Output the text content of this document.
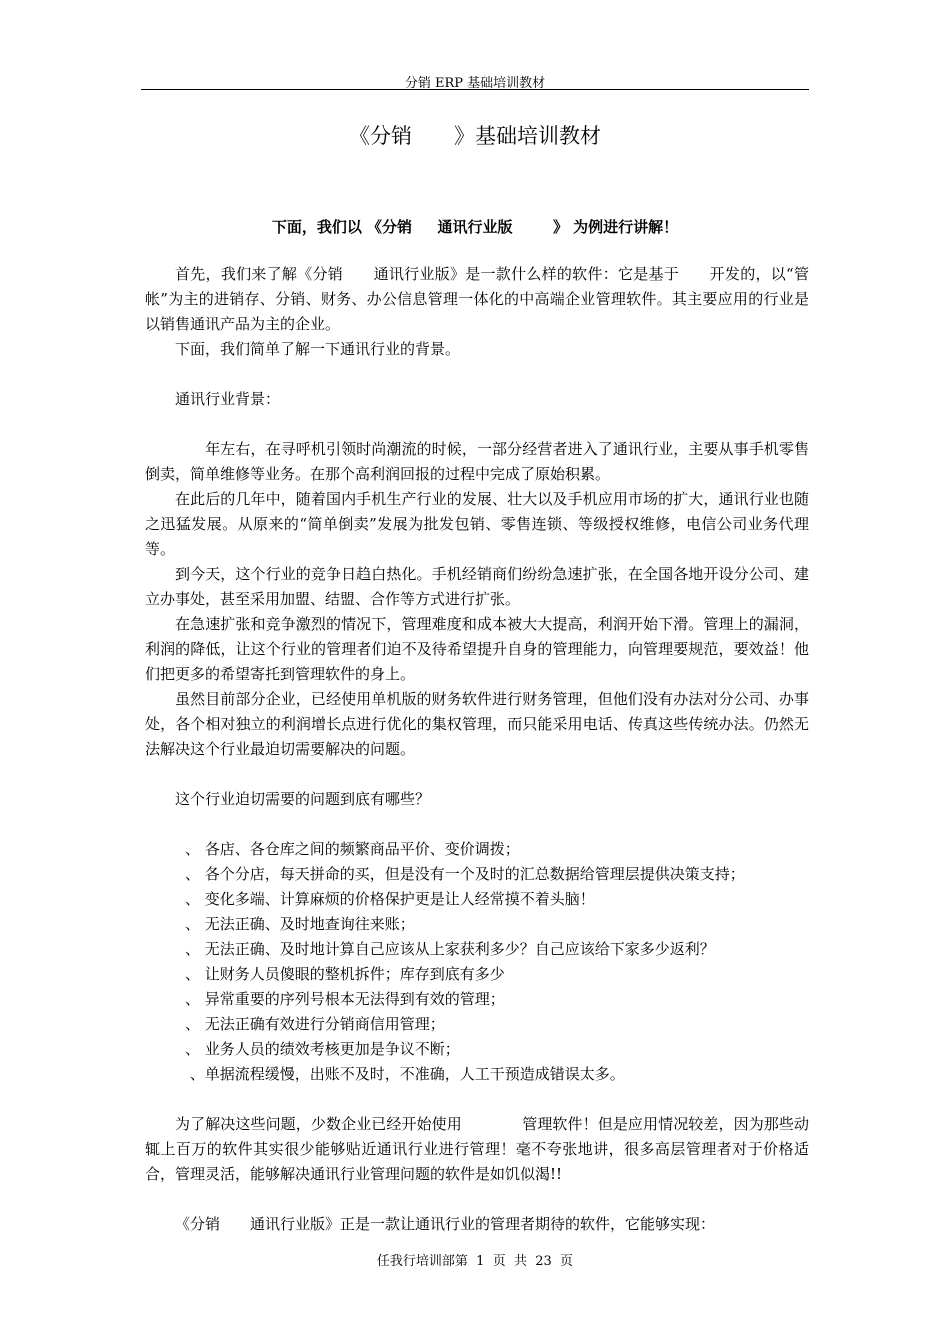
分销 ERP 基础培训教材
《分销　　》基础培训教材
下面，我们以 《分销　  通讯行业版　　  》 为例进行讲解！

首先，我们来了解《分销　　通讯行业版》是一款什么样的软件：它是基于　　开发的，以“管帐”为主的进销存、分销、财务、办公信息管理一体化的中高端企业管理软件。其主要应用的行业是以销售通讯产品为主的企业。

下面，我们简单了解一下通讯行业的背景。

通讯行业背景：

　　年左右，在寻呼机引领时尚潮流的时候，一部分经营者进入了通讯行业，主要从事手机零售倒卖，简单维修等业务。在那个高利润回报的过程中完成了原始积累。

在此后的几年中，随着国内手机生产行业的发展、壮大以及手机应用市场的扩大，通讯行业也随之迅猛发展。从原来的“简单倒卖”发展为批发包销、零售连锁、等级授权维修，电信公司业务代理等。

到今天，这个行业的竞争日趋白热化。手机经销商们纷纷急速扩张，在全国各地开设分公司、建立办事处，甚至采用加盟、结盟、合作等方式进行扩张。

在急速扩张和竞争激烈的情况下，管理难度和成本被大大提高，利润开始下滑。管理上的漏洞，利润的降低，让这个行业的管理者们迫不及待希望提升自身的管理能力，向管理要规范，要效益！他们把更多的希望寄托到管理软件的身上。

虽然目前部分企业，已经使用单机版的财务软件进行财务管理，但他们没有办法对分公司、办事处，各个相对独立的利润增长点进行优化的集权管理，而只能采用电话、传真这些传统办法。仍然无法解决这个行业最迫切需要解决的问题。

这个行业迫切需要的问题到底有哪些？

、 各店、各仓库之间的频繁商品平价、变价调拨；
、 各个分店，每天拼命的买，但是没有一个及时的汇总数据给管理层提供决策支持；
、 变化多端、计算麻烦的价格保护更是让人经常摸不着头脑！
、 无法正确、及时地查询往来账；
、 无法正确、及时地计算自己应该从上家获利多少？自己应该给下家多少返利？
、 让财务人员傻眼的整机拆件；库存到底有多少
、 异常重要的序列号根本无法得到有效的管理；
、 无法正确有效进行分销商信用管理；
、 业务人员的绩效考核更加是争议不断；
、单据流程缓慢，出账不及时，不准确，人工干预造成错误太多。

为了解决这些问题，少数企业已经开始使用　　　　管理软件！但是应用情况较差，因为那些动辄上百万的软件其实很少能够贴近通讯行业进行管理！毫不夸张地讲，很多高层管理者对于价格适合，管理灵活，能够解决通讯行业管理问题的软件是如饥似渴!!

《分销　　通讯行业版》正是一款让通讯行业的管理者期待的软件，它能够实现：

任我行培训部第  1  页  共  23  页
